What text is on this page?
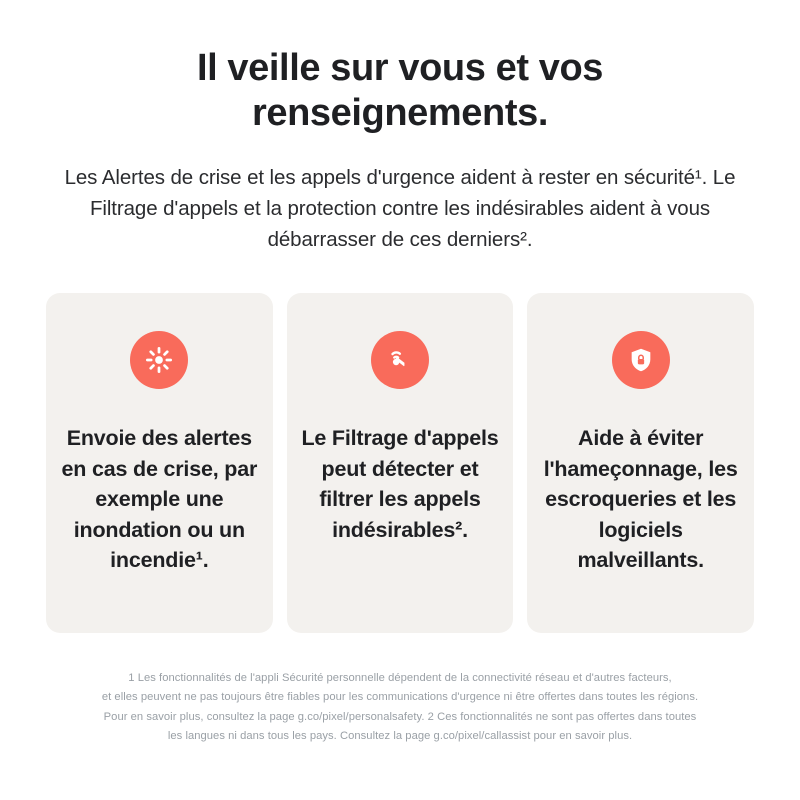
Il veille sur vous et vos renseignements.

Les Alertes de crise et les appels d'urgence aident à rester en sécurité¹. Le Filtrage d'appels et la protection contre les indésirables aident à vous débarrasser de ces derniers².

Envoie des alertes en cas de crise, par exemple une inondation ou un incendie¹.
Le Filtrage d'appels peut détecter et filtrer les appels indésirables².
Aide à éviter l'hameçonnage, les escroqueries et les logiciels malveillants.
1 Les fonctionnalités de l'appli Sécurité personnelle dépendent de la connectivité réseau et d'autres facteurs,
et elles peuvent ne pas toujours être fiables pour les communications d'urgence ni être offertes dans toutes les régions.
Pour en savoir plus, consultez la page g.co/pixel/personalsafety. 2 Ces fonctionnalités ne sont pas offertes dans toutes
les langues ni dans tous les pays. Consultez la page g.co/pixel/callassist pour en savoir plus.
